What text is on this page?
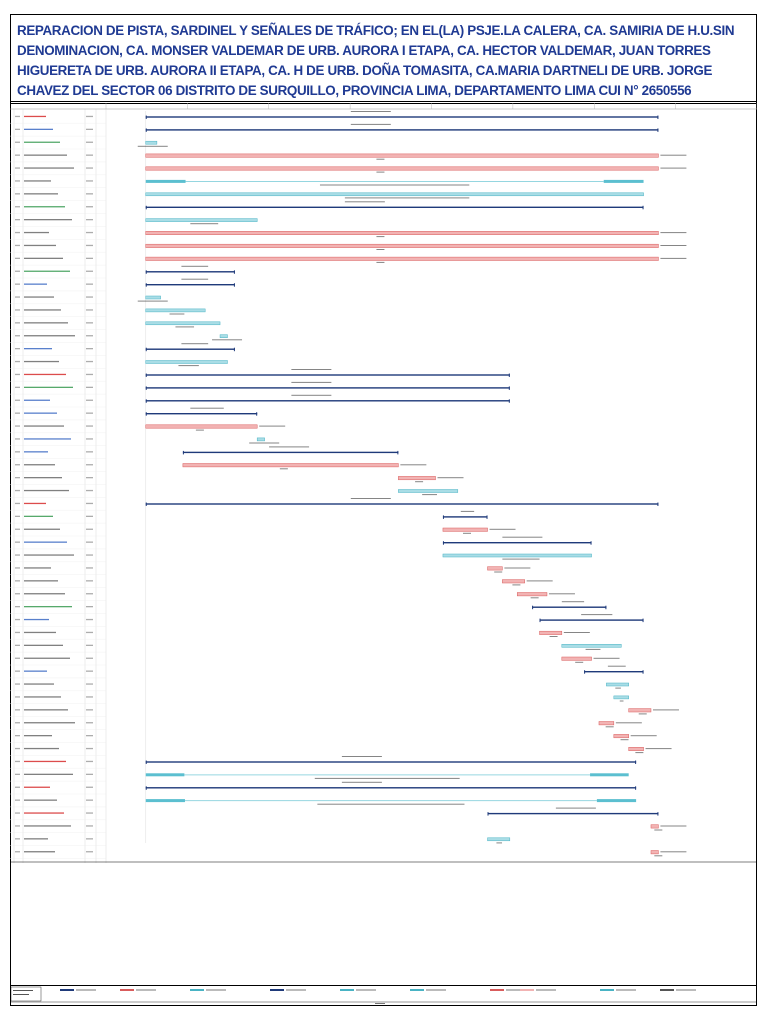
REPARACION DE PISTA, SARDINEL Y SEÑALES DE TRÁFICO; EN EL(LA) PSJE.LA CALERA, CA. SAMIRIA DE H.U.SIN DENOMINACION, CA. MONSER VALDEMAR DE URB. AURORA I ETAPA, CA. HECTOR VALDEMAR, JUAN TORRES HIGUERETA DE URB. AURORA II ETAPA, CA. H DE URB. DOÑA TOMASITA, CA.MARIA DARTNELI DE URB. JORGE CHAVEZ DEL SECTOR 06 DISTRITO DE SURQUILLO, PROVINCIA LIMA, DEPARTAMENTO LIMA CUI N° 2650556
